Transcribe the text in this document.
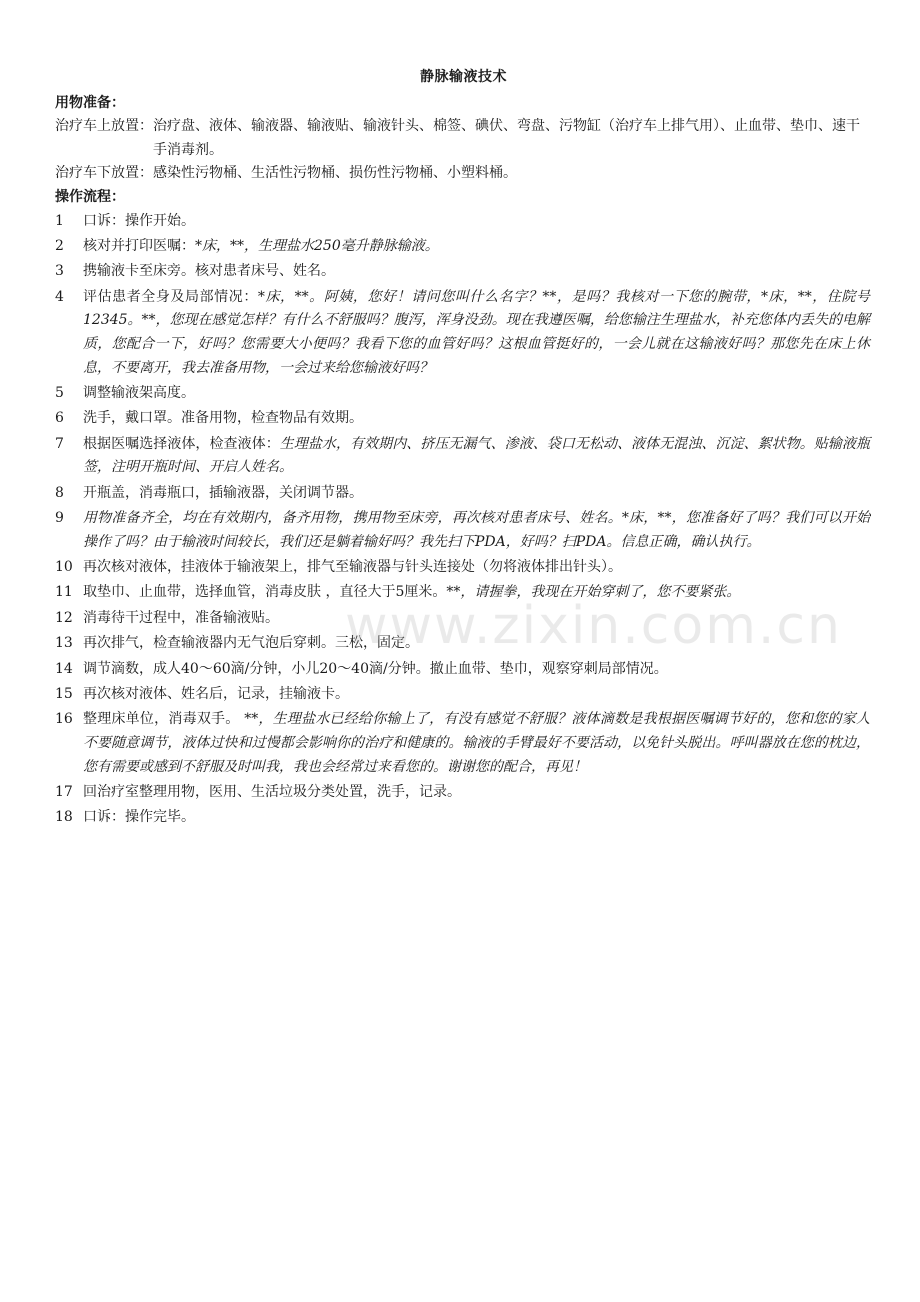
静脉输液技术
用物准备：
治疗车上放置： 治疗盘、液体、输液器、输液贴、输液针头、棉签、碘伏、弯盘、污物缸（治疗车上排气用）、止血带、垫巾、速干手消毒剂。
治疗车下放置： 感染性污物桶、生活性污物桶、损伤性污物桶、小塑料桶。
操作流程：
1	口诉：操作开始。
2	核对并打印医嘱：*床，**，生理盐水250毫升静脉输液。
3	携输液卡至床旁。核对患者床号、姓名。
4	评估患者全身及局部情况：*床，**。阿姨，您好！请问您叫什么名字？**，是吗？我核对一下您的腕带，*床，**，住院号12345。**，您现在感觉怎样？有什么不舒服吗？腹泻，浑身没劲。现在我遵医嘱，给您输注生理盐水，补充您体内丢失的电解质，您配合一下，好吗？您需要大小便吗？我看下您的血管好吗？这根血管挺好的，一会儿就在这输液好吗？那您先在床上休息，不要离开，我去准备用物，一会过来给您输液好吗？
5	调整输液架高度。
6	洗手，戴口罩。准备用物，检查物品有效期。
7	根据医嘱选择液体，检查液体：生理盐水，有效期内、挤压无漏气、渗液、袋口无松动、液体无混浊、沉淀、絮状物。贴输液瓶签，注明开瓶时间、开启人姓名。
8	开瓶盖，消毒瓶口，插输液器，关闭调节器。
9	用物准备齐全，均在有效期内，备齐用物，携用物至床旁，再次核对患者床号、姓名。*床，**，您准备好了吗？我们可以开始操作了吗？由于输液时间较长，我们还是躺着输好吗？我先扫下PDA，好吗？扫PDA。信息正确，确认执行。
10 再次核对液体，挂液体于输液架上，排气至输液器与针头连接处（勿将液体排出针头）。
11 取垫巾、止血带，选择血管，消毒皮肤 ，直径大于5厘米。**，请握拳，我现在开始穿刺了，您不要紧张。
12 消毒待干过程中，准备输液贴。
13 再次排气，检查输液器内无气泡后穿刺。三松，固定。
14 调节滴数，成人40～60滴/分钟，小儿20～40滴/分钟。撤止血带、垫巾，观察穿刺局部情况。
15 再次核对液体、姓名后，记录，挂输液卡。
16 整理床单位，消毒双手。 **，生理盐水已经给你输上了，有没有感觉不舒服？液体滴数是我根据医嘱调节好的，您和您的家人不要随意调节，液体过快和过慢都会影响你的治疗和健康的。输液的手臂最好不要活动，以免针头脱出。呼叫器放在您的枕边，您有需要或感到不舒服及时叫我，我也会经常过来看您的。谢谢您的配合，再见！
17 回治疗室整理用物，医用、生活垃圾分类处置，洗手，记录。
18 口诉：操作完毕。
www.zixin.com.cn
